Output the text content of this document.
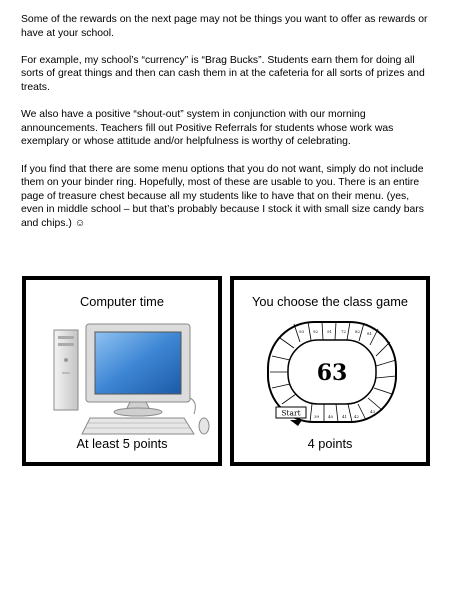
Some of the rewards on the next page may not be things you want to offer as rewards or have at your school.

For example, my school’s “currency” is “Brag Bucks”. Students earn them for doing all sorts of great things and then can cash them in at the cafeteria for all sorts of prizes and treats.

We also have a positive “shout-out” system in conjunction with our morning announcements. Teachers fill out Positive Referrals for students whose work was exemplary or whose attitude and/or helpfulness is worthy of celebrating.

If you find that there are some menu options that you do not want, simply do not include them on your binder ring. Hopefully, most of these are usable to you. There is an entire page of treasure chest because all my students like to have that on their menu. (yes, even in middle school – but that’s probably because I stock it with small size candy bars and chips.) ☺

Computer time
At least 5 points
You choose the class game
93 92 91 72 82 81
39 40 41 42
43
Start
63
4 points
